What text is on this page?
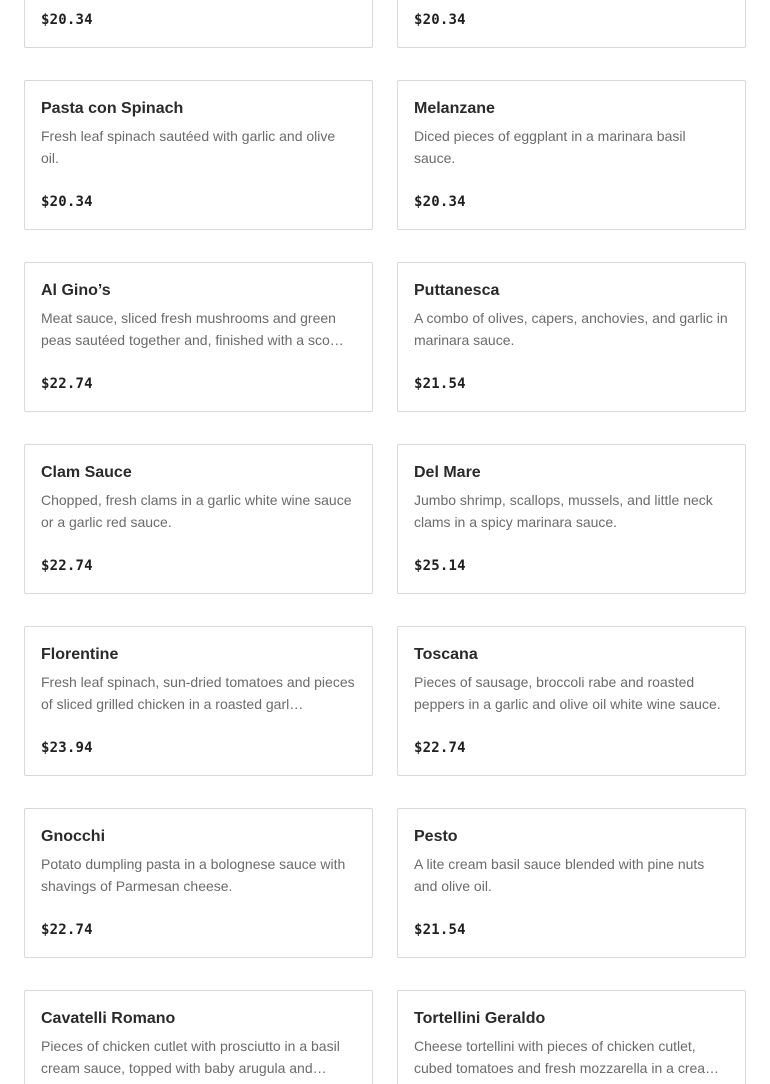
$20.34	$20.34
Pasta con Spinach
Fresh leaf spinach sautéed with garlic and olive oil.
$20.34
Melanzane
Diced pieces of eggplant in a marinara basil sauce.
$20.34
Al Gino’s
Meat sauce, sliced fresh mushrooms and green peas sautéed together and, finished with a sco…
$22.74
Puttanesca
A combo of olives, capers, anchovies, and garlic in marinara sauce.
$21.54
Clam Sauce
Chopped, fresh clams in a garlic white wine sauce or a garlic red sauce.
$22.74
Del Mare
Jumbo shrimp, scallops, mussels, and little neck clams in a spicy marinara sauce.
$25.14
Florentine
Fresh leaf spinach, sun-dried tomatoes and pieces of sliced grilled chicken in a roasted garl…
$23.94
Toscana
Pieces of sausage, broccoli rabe and roasted peppers in a garlic and olive oil white wine sauce.
$22.74
Gnocchi
Potato dumpling pasta in a bolognese sauce with shavings of Parmesan cheese.
$22.74
Pesto
A lite cream basil sauce blended with pine nuts and olive oil.
$21.54
Cavatelli Romano
Pieces of chicken cutlet with prosciutto in a basil cream sauce, topped with baby arugula and…
Tortellini Geraldo
Cheese tortellini with pieces of chicken cutlet, cubed tomatoes and fresh mozzarella in a crea…
